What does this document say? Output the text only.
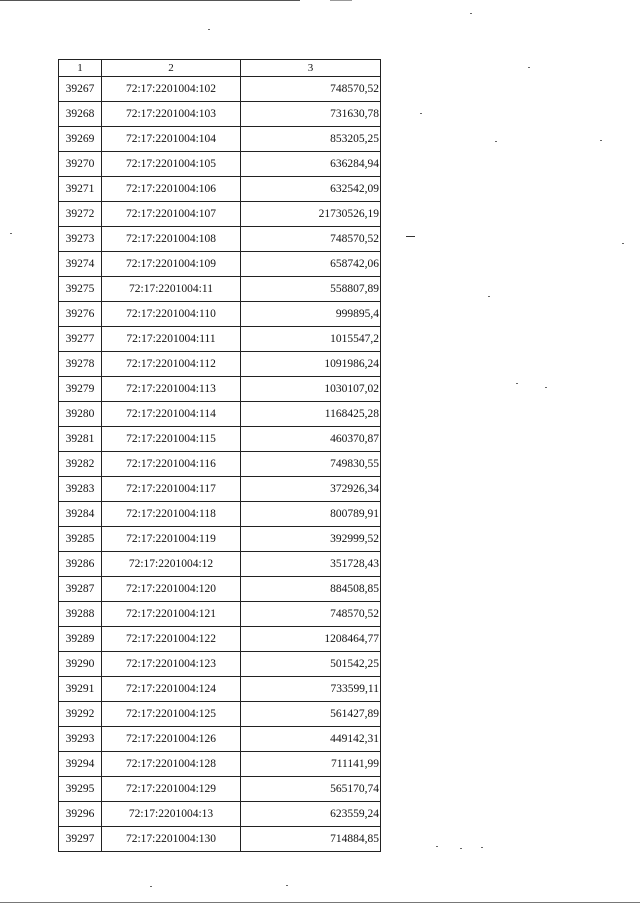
1	2	3
39267	72:17:2201004:102	748570,52
39268	72:17:2201004:103	731630,78
39269	72:17:2201004:104	853205,25
39270	72:17:2201004:105	636284,94
39271	72:17:2201004:106	632542,09
39272	72:17:2201004:107	21730526,19
39273	72:17:2201004:108	748570,52
39274	72:17:2201004:109	658742,06
39275	72:17:2201004:11	558807,89
39276	72:17:2201004:110	999895,4
39277	72:17:2201004:111	1015547,2
39278	72:17:2201004:112	1091986,24
39279	72:17:2201004:113	1030107,02
39280	72:17:2201004:114	1168425,28
39281	72:17:2201004:115	460370,87
39282	72:17:2201004:116	749830,55
39283	72:17:2201004:117	372926,34
39284	72:17:2201004:118	800789,91
39285	72:17:2201004:119	392999,52
39286	72:17:2201004:12	351728,43
39287	72:17:2201004:120	884508,85
39288	72:17:2201004:121	748570,52
39289	72:17:2201004:122	1208464,77
39290	72:17:2201004:123	501542,25
39291	72:17:2201004:124	733599,11
39292	72:17:2201004:125	561427,89
39293	72:17:2201004:126	449142,31
39294	72:17:2201004:128	711141,99
39295	72:17:2201004:129	565170,74
39296	72:17:2201004:13	623559,24
39297	72:17:2201004:130	714884,85
